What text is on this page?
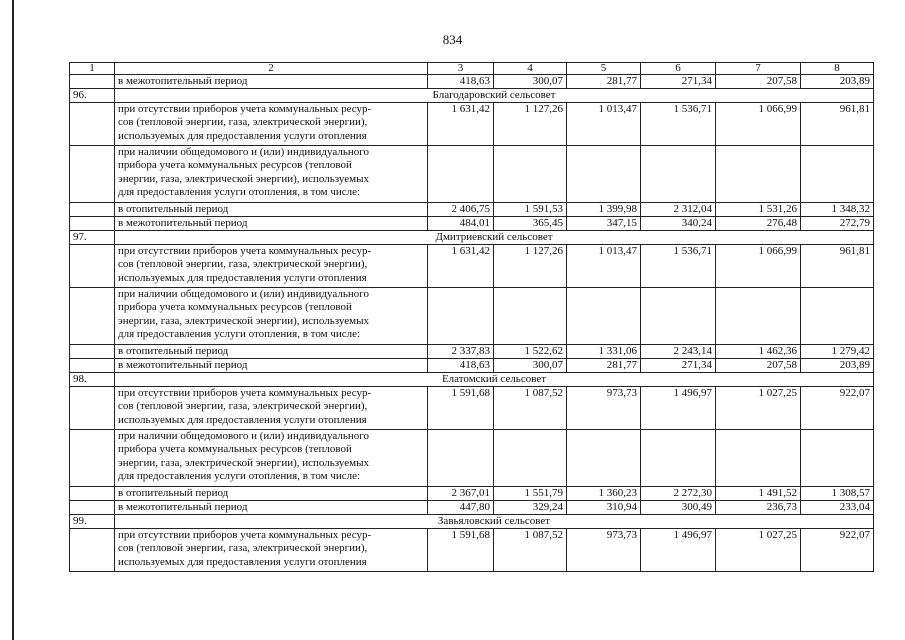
834
1	2	3	4	5	6	7	8
	в межотопительный период	418,63	300,07	281,77	271,34	207,58	203,89
96.	Благодаровский сельсовет						
	при отсутствии приборов учета коммунальных ресур-
сов (тепловой энергии, газа, электрической энергии),
используемых для предоставления услуги отопления	1 631,42	1 127,26	1 013,47	1 536,71	1 066,99	961,81
	при наличии общедомового и (или) индивидуального
прибора учета коммунальных ресурсов (тепловой
энергии, газа, электрической энергии), используемых
для предоставления услуги отопления, в том числе:						
	в отопительный период	2 406,75	1 591,53	1 399,98	2 312,04	1 531,26	1 348,32
	в межотопительный период	484,01	365,45	347,15	340,24	276,48	272,79
97.	Дмитриевский сельсовет						
	при отсутствии приборов учета коммунальных ресур-
сов (тепловой энергии, газа, электрической энергии),
используемых для предоставления услуги отопления	1 631,42	1 127,26	1 013,47	1 536,71	1 066,99	961,81
	при наличии общедомового и (или) индивидуального
прибора учета коммунальных ресурсов (тепловой
энергии, газа, электрической энергии), используемых
для предоставления услуги отопления, в том числе:						
	в отопительный период	2 337,83	1 522,62	1 331,06	2 243,14	1 462,36	1 279,42
	в межотопительный период	418,63	300,07	281,77	271,34	207,58	203,89
98.	Елатомский сельсовет						
	при отсутствии приборов учета коммунальных ресур-
сов (тепловой энергии, газа, электрической энергии),
используемых для предоставления услуги отопления	1 591,68	1 087,52	973,73	1 496,97	1 027,25	922,07
	при наличии общедомового и (или) индивидуального
прибора учета коммунальных ресурсов (тепловой
энергии, газа, электрической энергии), используемых
для предоставления услуги отопления, в том числе:						
	в отопительный период	2 367,01	1 551,79	1 360,23	2 272,30	1 491,52	1 308,57
	в межотопительный период	447,80	329,24	310,94	300,49	236,73	233,04
99.	Завьяловский сельсовет						
	при отсутствии приборов учета коммунальных ресур-
сов (тепловой энергии, газа, электрической энергии),
используемых для предоставления услуги отопления	1 591,68	1 087,52	973,73	1 496,97	1 027,25	922,07
